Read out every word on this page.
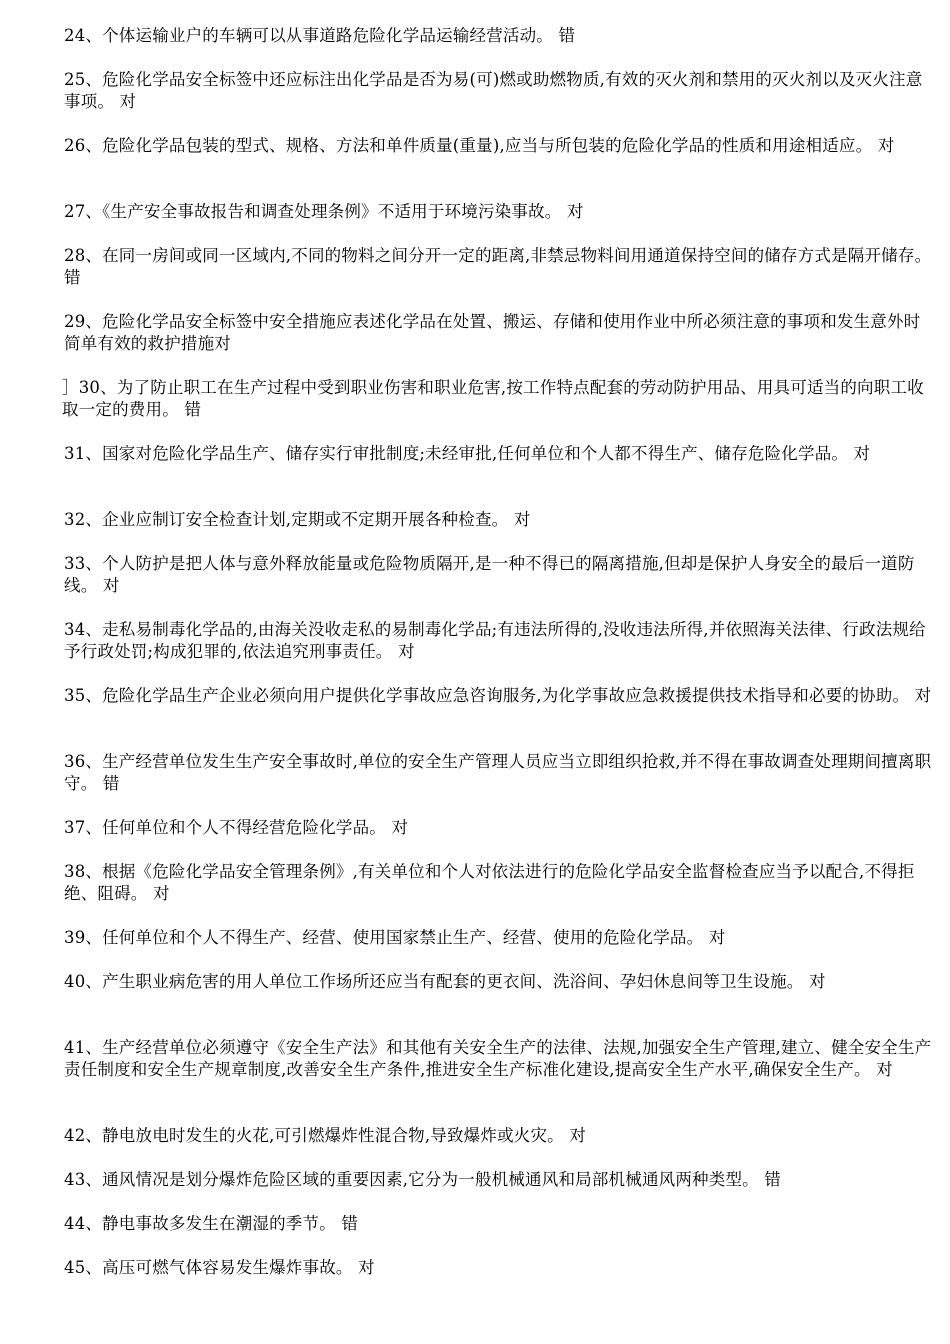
24、个体运输业户的车辆可以从事道路危险化学品运输经营活动。 错
25、危险化学品安全标签中还应标注出化学品是否为易(可)燃或助燃物质,有效的灭火剂和禁用的灭火剂以及灭火注意事项。 对
26、危险化学品包装的型式、规格、方法和单件质量(重量),应当与所包装的危险化学品的性质和用途相适应。 对
27、《生产安全事故报告和调查处理条例》不适用于环境污染事故。 对
28、在同一房间或同一区域内,不同的物料之间分开一定的距离,非禁忌物料间用通道保持空间的储存方式是隔开储存。 错
29、危险化学品安全标签中安全措施应表述化学品在处置、搬运、存储和使用作业中所必须注意的事项和发生意外时简单有效的救护措施对
］30、为了防止职工在生产过程中受到职业伤害和职业危害,按工作特点配套的劳动防护用品、用具可适当的向职工收取一定的费用。 错
31、国家对危险化学品生产、储存实行审批制度;未经审批,任何单位和个人都不得生产、储存危险化学品。 对
32、企业应制订安全检查计划,定期或不定期开展各种检查。 对
33、个人防护是把人体与意外释放能量或危险物质隔开,是一种不得已的隔离措施,但却是保护人身安全的最后一道防线。 对
34、走私易制毒化学品的,由海关没收走私的易制毒化学品;有违法所得的,没收违法所得,并依照海关法律、行政法规给予行政处罚;构成犯罪的,依法追究刑事责任。 对
35、危险化学品生产企业必须向用户提供化学事故应急咨询服务,为化学事故应急救援提供技术指导和必要的协助。 对
36、生产经营单位发生生产安全事故时,单位的安全生产管理人员应当立即组织抢救,并不得在事故调查处理期间擅离职守。 错
37、任何单位和个人不得经营危险化学品。 对
38、根据《危险化学品安全管理条例》,有关单位和个人对依法进行的危险化学品安全监督检查应当予以配合,不得拒绝、阻碍。 对
39、任何单位和个人不得生产、经营、使用国家禁止生产、经营、使用的危险化学品。 对
40、产生职业病危害的用人单位工作场所还应当有配套的更衣间、洗浴间、孕妇休息间等卫生设施。 对
41、生产经营单位必须遵守《安全生产法》和其他有关安全生产的法律、法规,加强安全生产管理,建立、健全安全生产责任制度和安全生产规章制度,改善安全生产条件,推进安全生产标准化建设,提高安全生产水平,确保安全生产。 对
42、静电放电时发生的火花,可引燃爆炸性混合物,导致爆炸或火灾。 对
43、通风情况是划分爆炸危险区域的重要因素,它分为一般机械通风和局部机械通风两种类型。 错
44、静电事故多发生在潮湿的季节。 错
45、高压可燃气体容易发生爆炸事故。 对
